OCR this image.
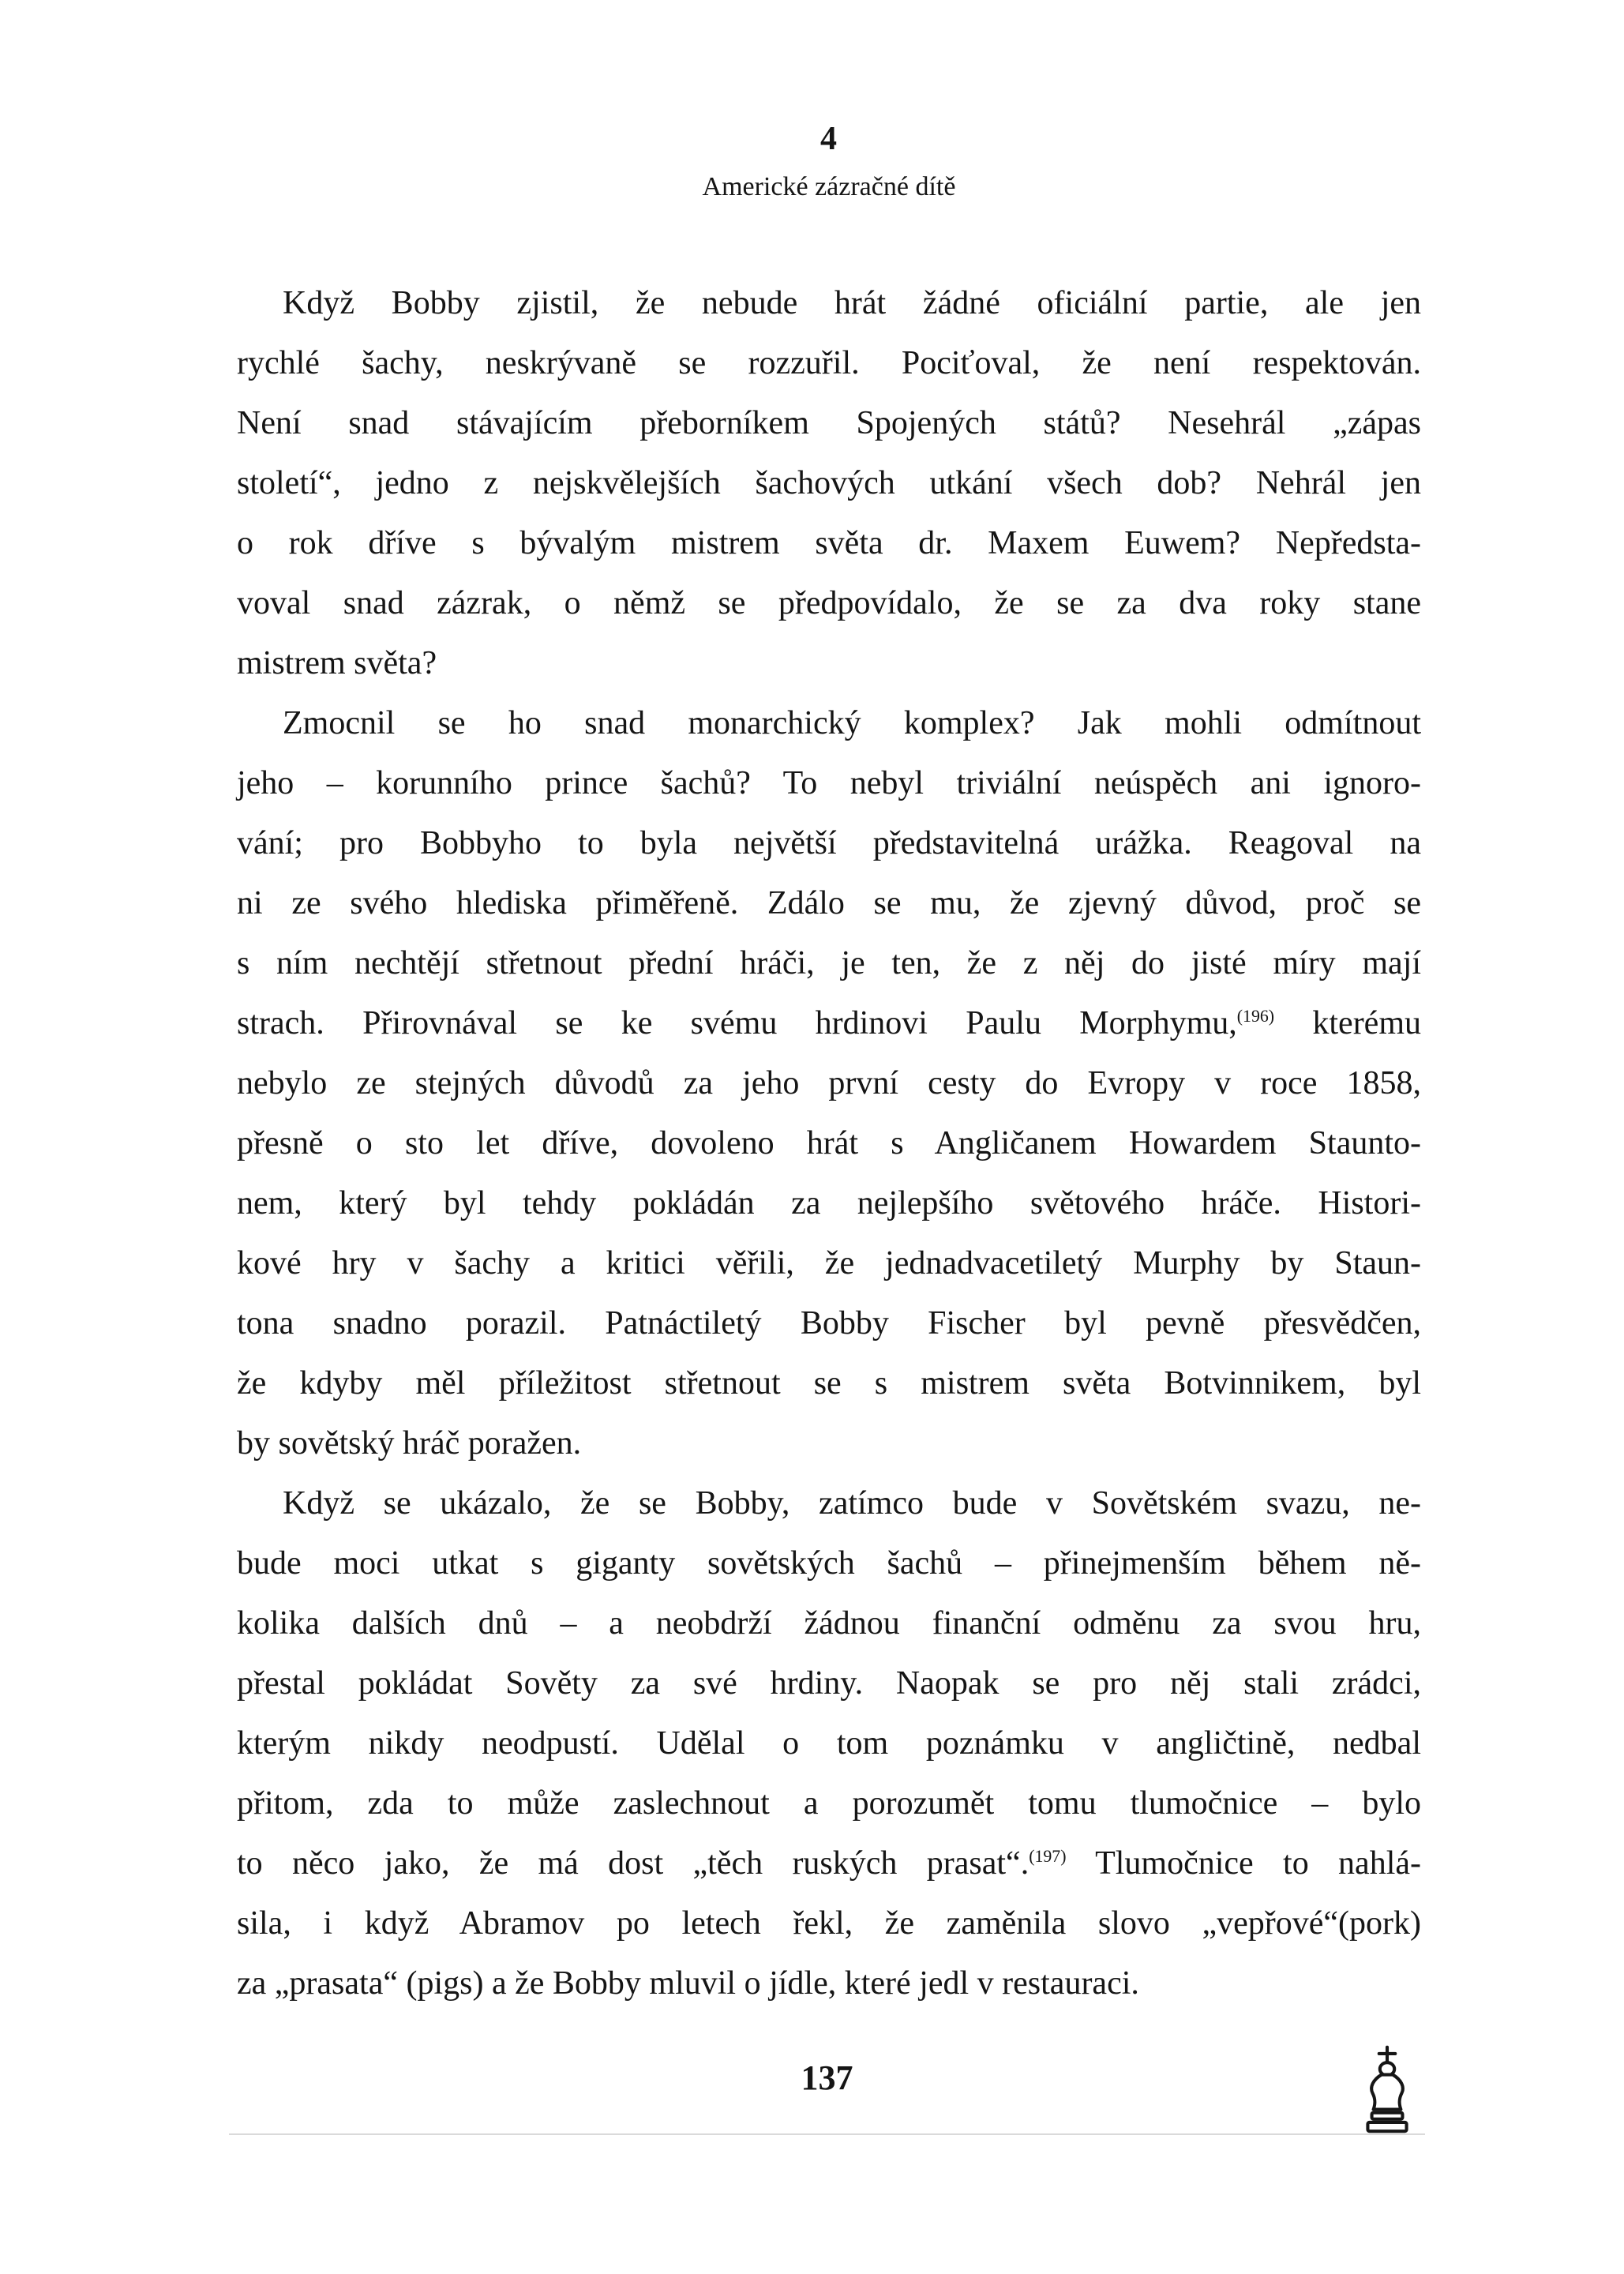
4
Americké zázračné dítě
Když Bobby zjistil, že nebude hrát žádné oficiální partie, ale jen
rychlé šachy, neskrývaně se rozzuřil. Pociťoval, že není respektován.
Není snad stávajícím přeborníkem Spojených států? Nesehrál „zápas
století“, jedno z nejskvělejších šachových utkání všech dob? Nehrál jen
o rok dříve s bývalým mistrem světa dr. Maxem Euwem? Nepředsta-
voval snad zázrak, o němž se předpovídalo, že se za dva roky stane
mistrem světa?
Zmocnil se ho snad monarchický komplex? Jak mohli odmítnout
jeho – korunního prince šachů? To nebyl triviální neúspěch ani ignoro-
vání; pro Bobbyho to byla největší představitelná urážka. Reagoval na
ni ze svého hlediska přiměřeně. Zdálo se mu, že zjevný důvod, proč se
s ním nechtějí střetnout přední hráči, je ten, že z něj do jisté míry mají
strach. Přirovnával se ke svému hrdinovi Paulu Morphymu,$^{(196)}$ kterému
nebylo ze stejných důvodů za jeho první cesty do Evropy v roce 1858,
přesně o sto let dříve, dovoleno hrát s Angličanem Howardem Staunto-
nem, který byl tehdy pokládán za nejlepšího světového hráče. Histori-
kové hry v šachy a kritici věřili, že jednadvacetiletý Murphy by Staun-
tona snadno porazil. Patnáctiletý Bobby Fischer byl pevně přesvědčen,
že kdyby měl příležitost střetnout se s mistrem světa Botvinnikem, byl
by sovětský hráč poražen.
Když se ukázalo, že se Bobby, zatímco bude v Sovětském svazu, ne-
bude moci utkat s giganty sovětských šachů – přinejmenším během ně-
kolika dalších dnů – a neobdrží žádnou finanční odměnu za svou hru,
přestal pokládat Sověty za své hrdiny. Naopak se pro něj stali zrádci,
kterým nikdy neodpustí. Udělal o tom poznámku v angličtině, nedbal
přitom, zda to může zaslechnout a porozumět tomu tlumočnice – bylo
to něco jako, že má dost „těch ruských prasat“.$^{(197)}$ Tlumočnice to nahlá-
sila, i když Abramov po letech řekl, že zaměnila slovo „vepřové“(pork)
za „prasata“ (pigs) a že Bobby mluvil o jídle, které jedl v restauraci.
137
